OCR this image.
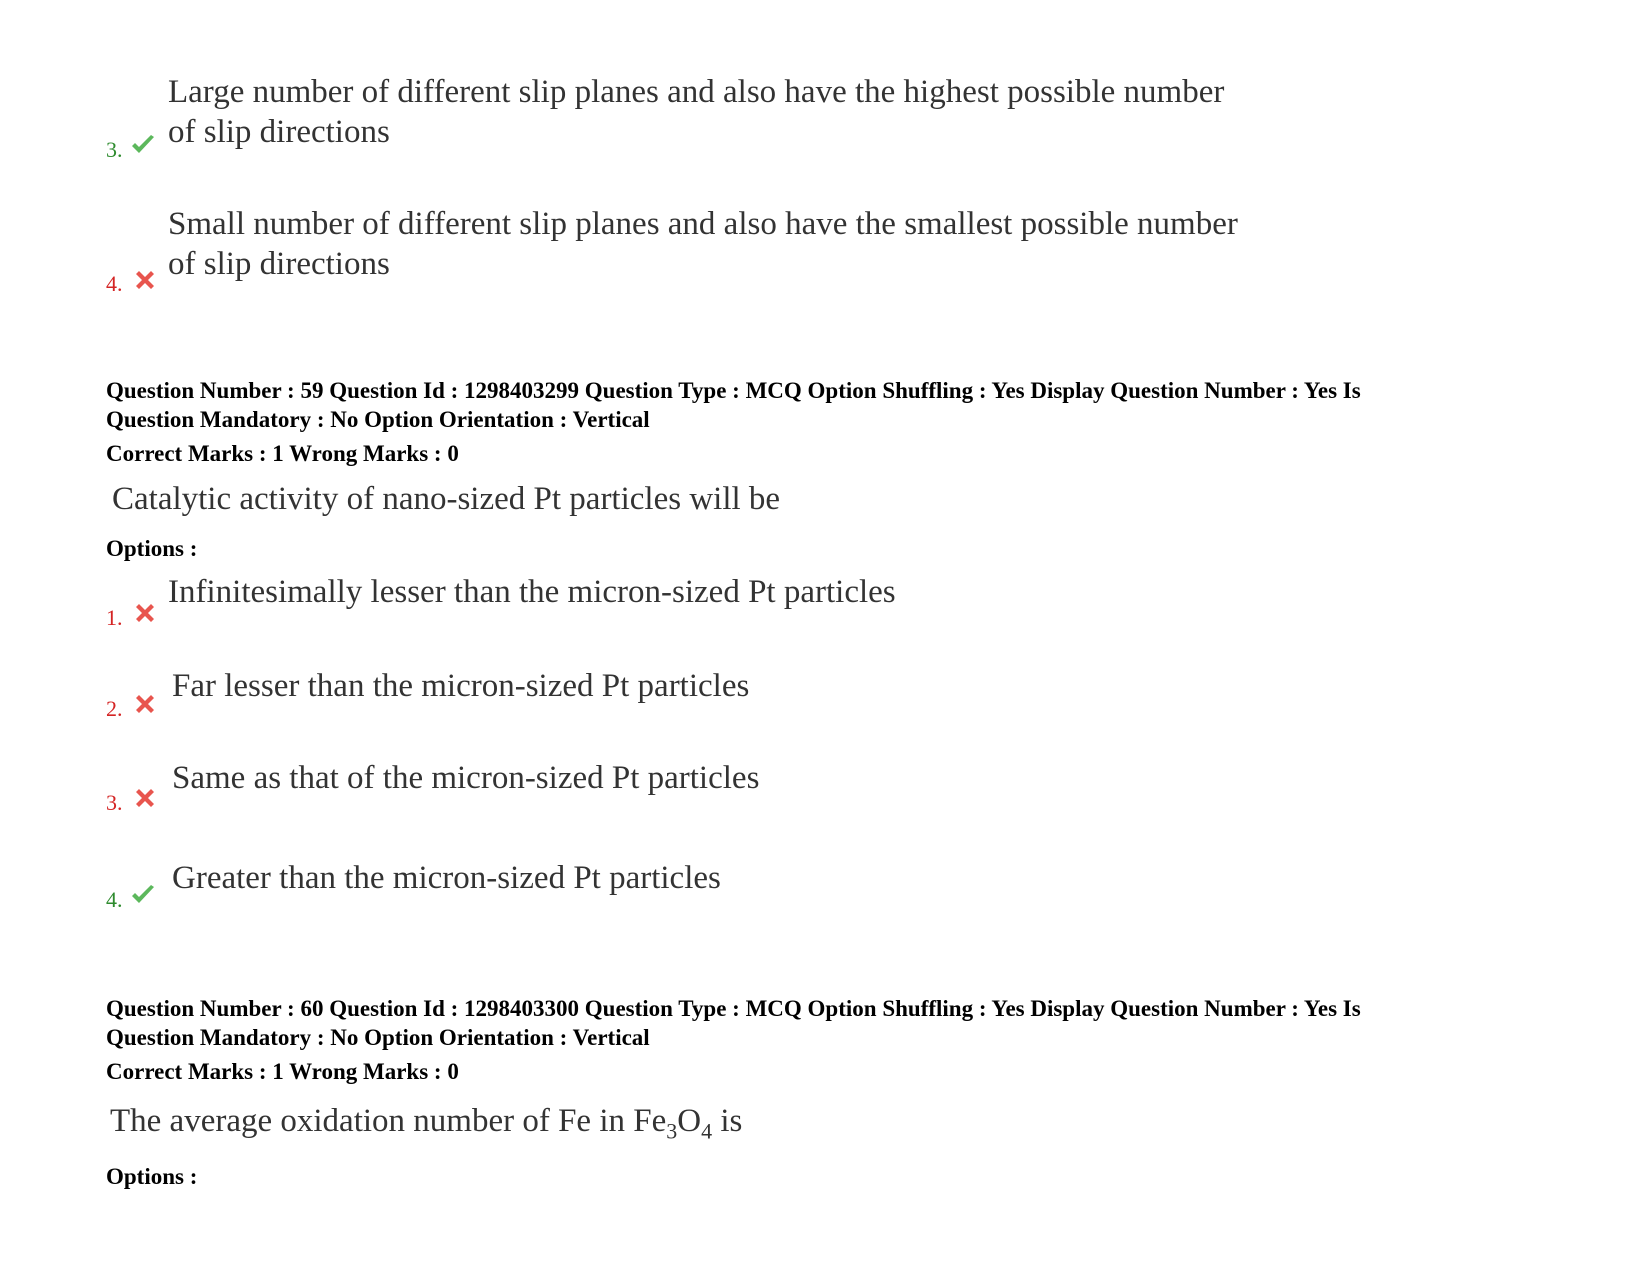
3.
Large number of different slip planes and also have the highest possible number
of slip directions
4.
Small number of different slip planes and also have the smallest possible number
of slip directions
Question Number : 59 Question Id : 1298403299 Question Type : MCQ Option Shuffling : Yes Display Question Number : Yes Is
Question Mandatory : No Option Orientation : Vertical
Correct Marks : 1 Wrong Marks : 0
Catalytic activity of nano-sized Pt particles will be
Options :
1.
Infinitesimally lesser than the micron-sized Pt particles
2.
Far lesser than the micron-sized Pt particles
3.
Same as that of the micron-sized Pt particles
4.
Greater than the micron-sized Pt particles
Question Number : 60 Question Id : 1298403300 Question Type : MCQ Option Shuffling : Yes Display Question Number : Yes Is
Question Mandatory : No Option Orientation : Vertical
Correct Marks : 1 Wrong Marks : 0
The average oxidation number of Fe in $Fe_3O_4$ is
Options :
